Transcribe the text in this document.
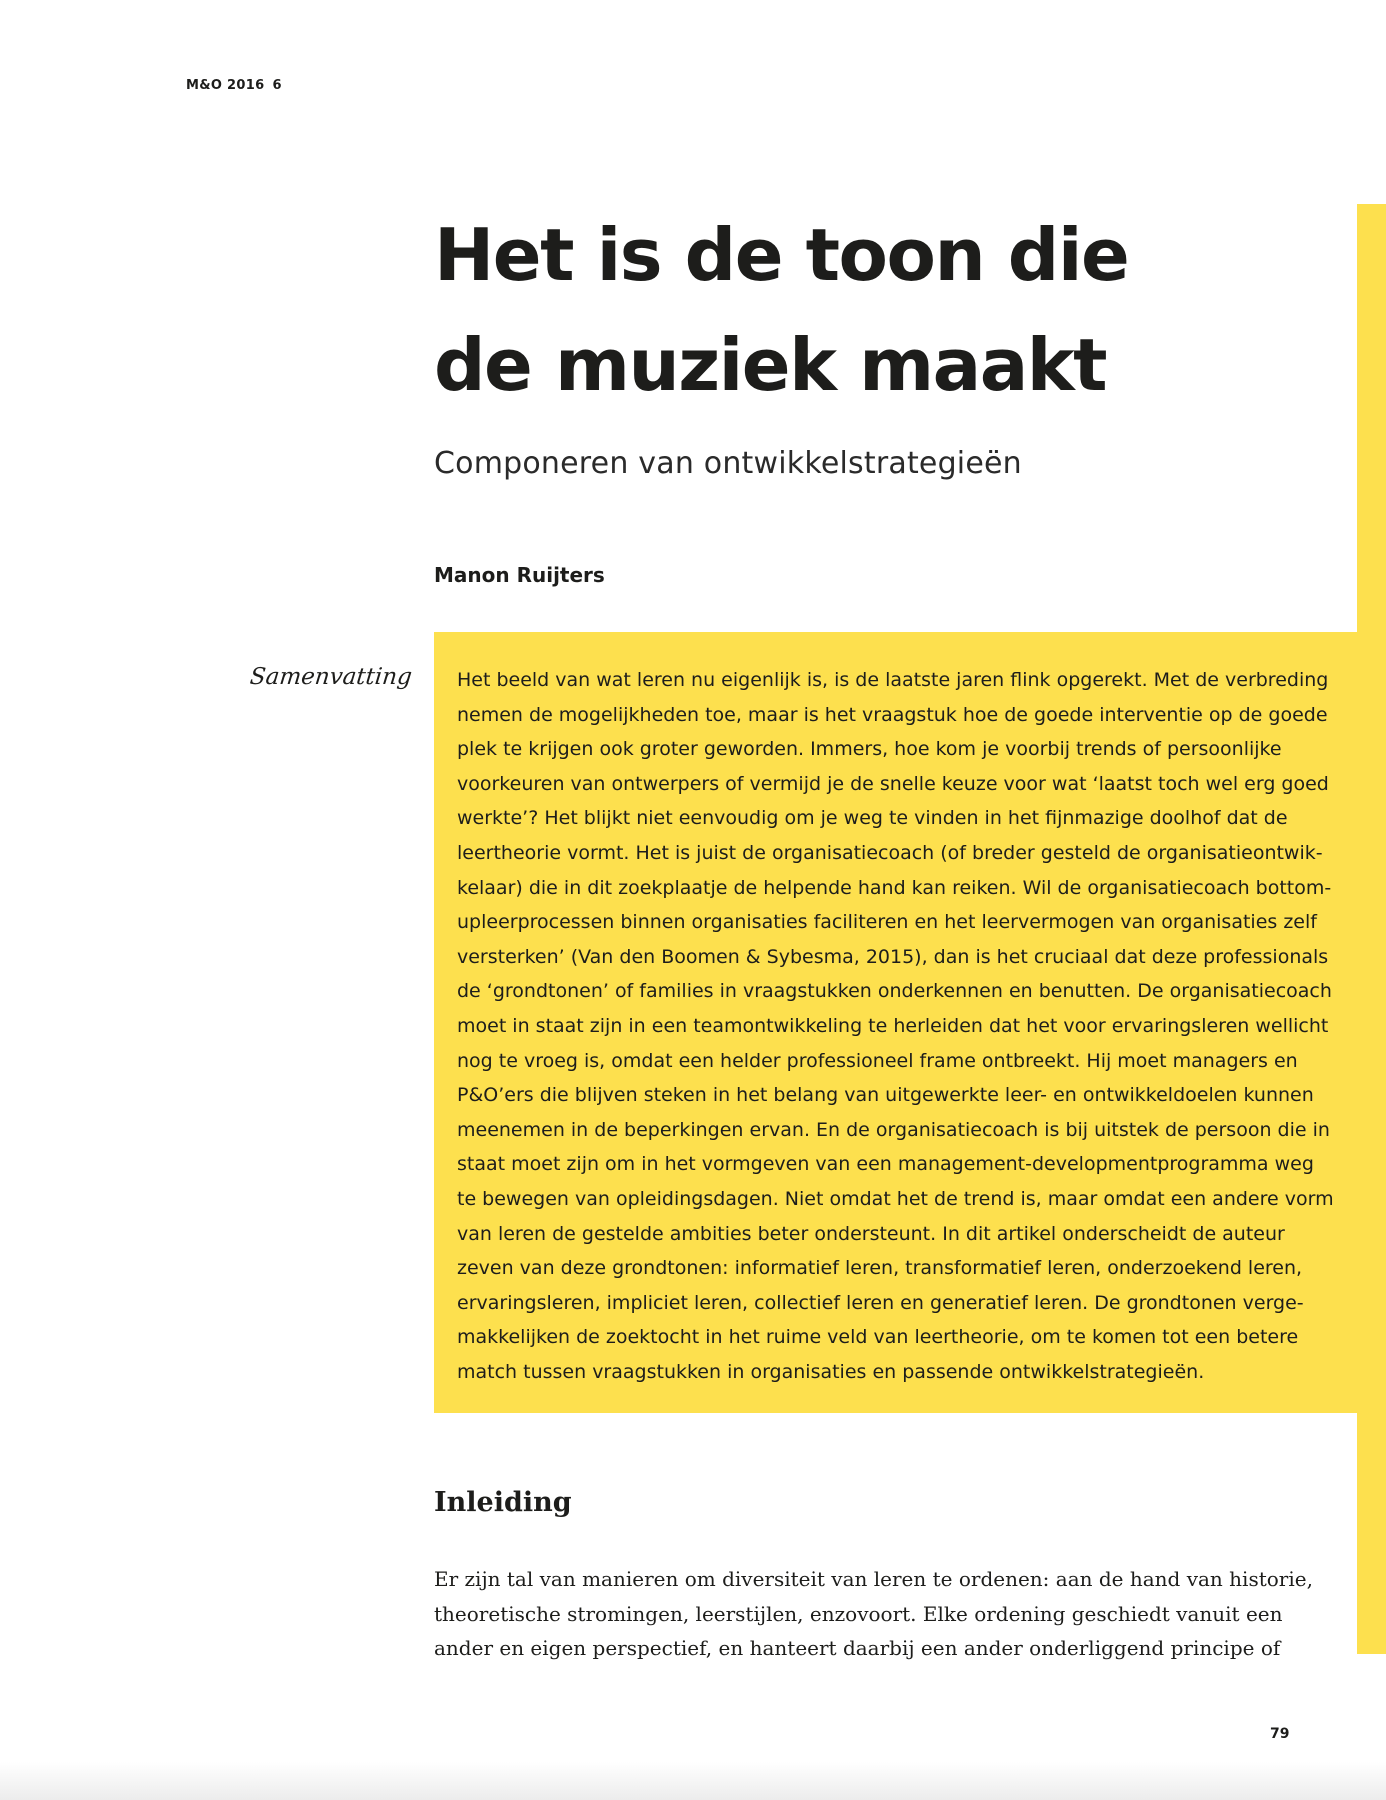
M&O 2016 6
Het is de toon die
de muziek maakt
Componeren van ontwikkelstrategieën
Manon Ruijters
Samenvatting Het beeld van wat leren nu eigenlijk is, is de laatste jaren flink opgerekt. Met de verbreding
nemen de mogelijkheden toe, maar is het vraagstuk hoe de goede interventie op de goede
plek te krijgen ook groter geworden. Immers, hoe kom je voorbij trends of persoonlijke
voorkeuren van ontwerpers of vermijd je de snelle keuze voor wat ‘laatst toch wel erg goed
werkte’? Het blijkt niet eenvoudig om je weg te vinden in het fijnmazige doolhof dat de
leertheorie vormt. Het is juist de organisatiecoach (of breder gesteld de organisatieontwik-
kelaar) die in dit zoekplaatje de helpende hand kan reiken. Wil de organisatiecoach bottom-
upleerprocessen binnen organisaties faciliteren en het leervermogen van organisaties zelf
versterken’ (Van den Boomen & Sybesma, 2015), dan is het cruciaal dat deze professionals
de ‘grondtonen’ of families in vraagstukken onderkennen en benutten. De organisatiecoach
moet in staat zijn in een teamontwikkeling te herleiden dat het voor ervaringsleren wellicht
nog te vroeg is, omdat een helder professioneel frame ontbreekt. Hij moet managers en
P&O’ers die blijven steken in het belang van uitgewerkte leer- en ontwikkeldoelen kunnen
meenemen in de beperkingen ervan. En de organisatiecoach is bij uitstek de persoon die in
staat moet zijn om in het vormgeven van een management-developmentprogramma weg
te bewegen van opleidingsdagen. Niet omdat het de trend is, maar omdat een andere vorm
van leren de gestelde ambities beter ondersteunt. In dit artikel onderscheidt de auteur
zeven van deze grondtonen: informatief leren, transformatief leren, onderzoekend leren,
ervaringsleren, impliciet leren, collectief leren en generatief leren. De grondtonen verge-
makkelijken de zoektocht in het ruime veld van leertheorie, om te komen tot een betere
match tussen vraagstukken in organisaties en passende ontwikkelstrategieën.

Inleiding

Er zijn tal van manieren om diversiteit van leren te ordenen: aan de hand van historie,
theoretische stromingen, leerstijlen, enzovoort. Elke ordening geschiedt vanuit een
ander en eigen perspectief, en hanteert daarbij een ander onderliggend principe of

79
